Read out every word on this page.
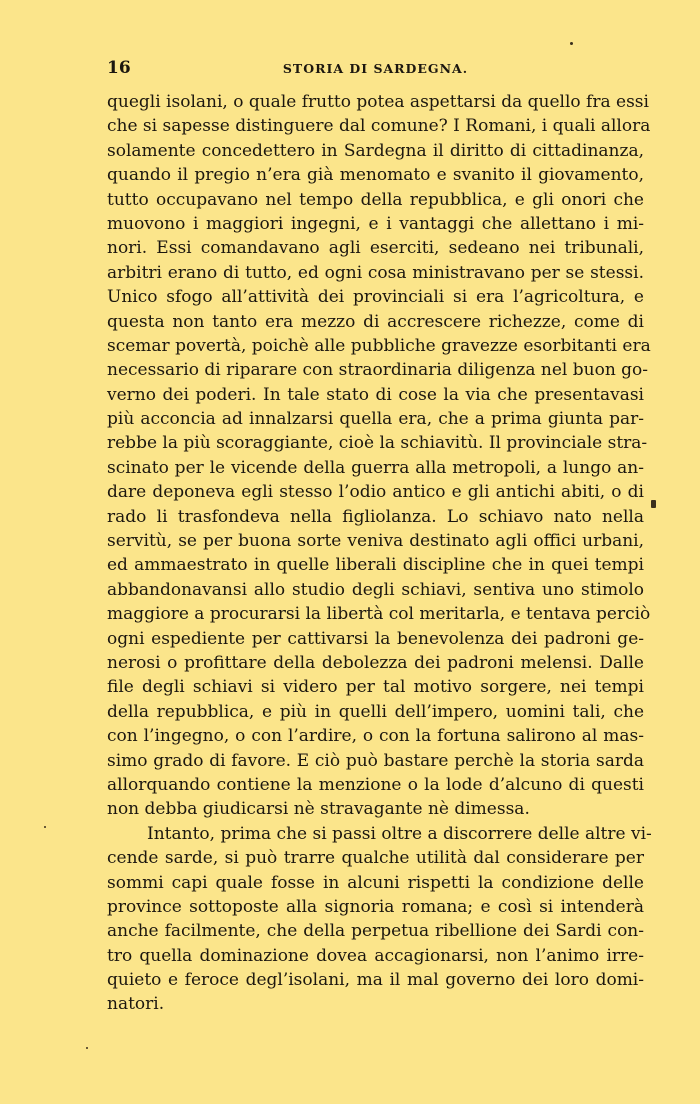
16	STORIA DI SARDEGNA.
quegli isolani, o quale frutto potea aspettarsi da quello fra essi
che si sapesse distinguere dal comune? I Romani, i quali allora
solamente concedettero in Sardegna il diritto di cittadinanza,
quando il pregio n’era già menomato e svanito il giovamento,
tutto occupavano nel tempo della repubblica, e gli onori che
muovono i maggiori ingegni, e i vantaggi che allettano i mi-
nori. Essi comandavano agli eserciti, sedeano nei tribunali,
arbitri erano di tutto, ed ogni cosa ministravano per se stessi.
Unico sfogo all’attività dei provinciali si era l’agricoltura, e
questa non tanto era mezzo di accrescere richezze, come di
scemar povertà, poichè alle pubbliche gravezze esorbitanti era
necessario di riparare con straordinaria diligenza nel buon go-
verno dei poderi. In tale stato di cose la via che presentavasi
più acconcia ad innalzarsi quella era, che a prima giunta par-
rebbe la più scoraggiante, cioè la schiavitù. Il provinciale stra-
scinato per le vicende della guerra alla metropoli, a lungo an-
dare deponeva egli stesso l’odio antico e gli antichi abiti, o di
rado li trasfondeva nella figliolanza. Lo schiavo nato nella
servitù, se per buona sorte veniva destinato agli offici urbani,
ed ammaestrato in quelle liberali discipline che in quei tempi
abbandonavansi allo studio degli schiavi, sentiva uno stimolo
maggiore a procurarsi la libertà col meritarla, e tentava perciò
ogni espediente per cattivarsi la benevolenza dei padroni ge-
nerosi o profittare della debolezza dei padroni melensi. Dalle
file degli schiavi si videro per tal motivo sorgere, nei tempi
della repubblica, e più in quelli dell’impero, uomini tali, che
con l’ingegno, o con l’ardire, o con la fortuna salirono al mas-
simo grado di favore. E ciò può bastare perchè la storia sarda
allorquando contiene la menzione o la lode d’alcuno di questi
non debba giudicarsi nè stravagante nè dimessa.
Intanto, prima che si passi oltre a discorrere delle altre vi-
cende sarde, si può trarre qualche utilità dal considerare per
sommi capi quale fosse in alcuni rispetti la condizione delle
province sottoposte alla signoria romana; e così si intenderà
anche facilmente, che della perpetua ribellione dei Sardi con-
tro quella dominazione dovea accagionarsi, non l’animo irre-
quieto e feroce degl’isolani, ma il mal governo dei loro domi-
natori.
